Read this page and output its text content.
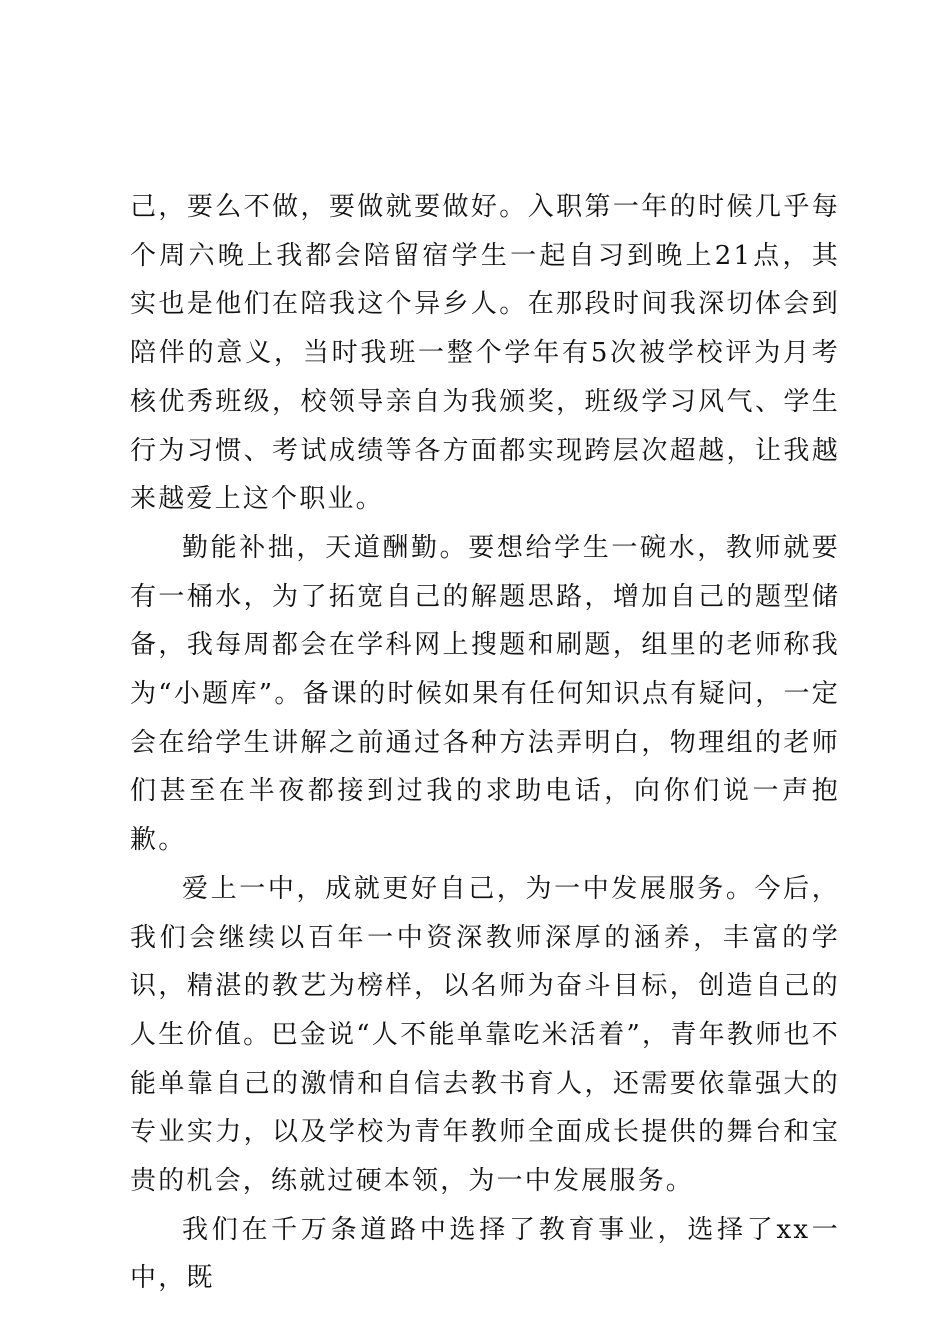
己，要么不做，要做就要做好。入职第一年的时候几乎每个周六晚上我都会陪留宿学生一起自习到晚上21点，其实也是他们在陪我这个异乡人。在那段时间我深切体会到陪伴的意义，当时我班一整个学年有5次被学校评为月考核优秀班级，校领导亲自为我颁奖，班级学习风气、学生行为习惯、考试成绩等各方面都实现跨层次超越，让我越来越爱上这个职业。

勤能补拙，天道酬勤。要想给学生一碗水，教师就要有一桶水，为了拓宽自己的解题思路，增加自己的题型储备，我每周都会在学科网上搜题和刷题，组里的老师称我为“小题库”。备课的时候如果有任何知识点有疑问，一定会在给学生讲解之前通过各种方法弄明白，物理组的老师们甚至在半夜都接到过我的求助电话，向你们说一声抱歉。

爱上一中，成就更好自己，为一中发展服务。今后，我们会继续以百年一中资深教师深厚的涵养，丰富的学识，精湛的教艺为榜样，以名师为奋斗目标，创造自己的人生价值。巴金说“人不能单靠吃米活着”，青年教师也不能单靠自己的激情和自信去教书育人，还需要依靠强大的专业实力，以及学校为青年教师全面成长提供的舞台和宝贵的机会，练就过硬本领，为一中发展服务。

我们在千万条道路中选择了教育事业，选择了xx一中，既
